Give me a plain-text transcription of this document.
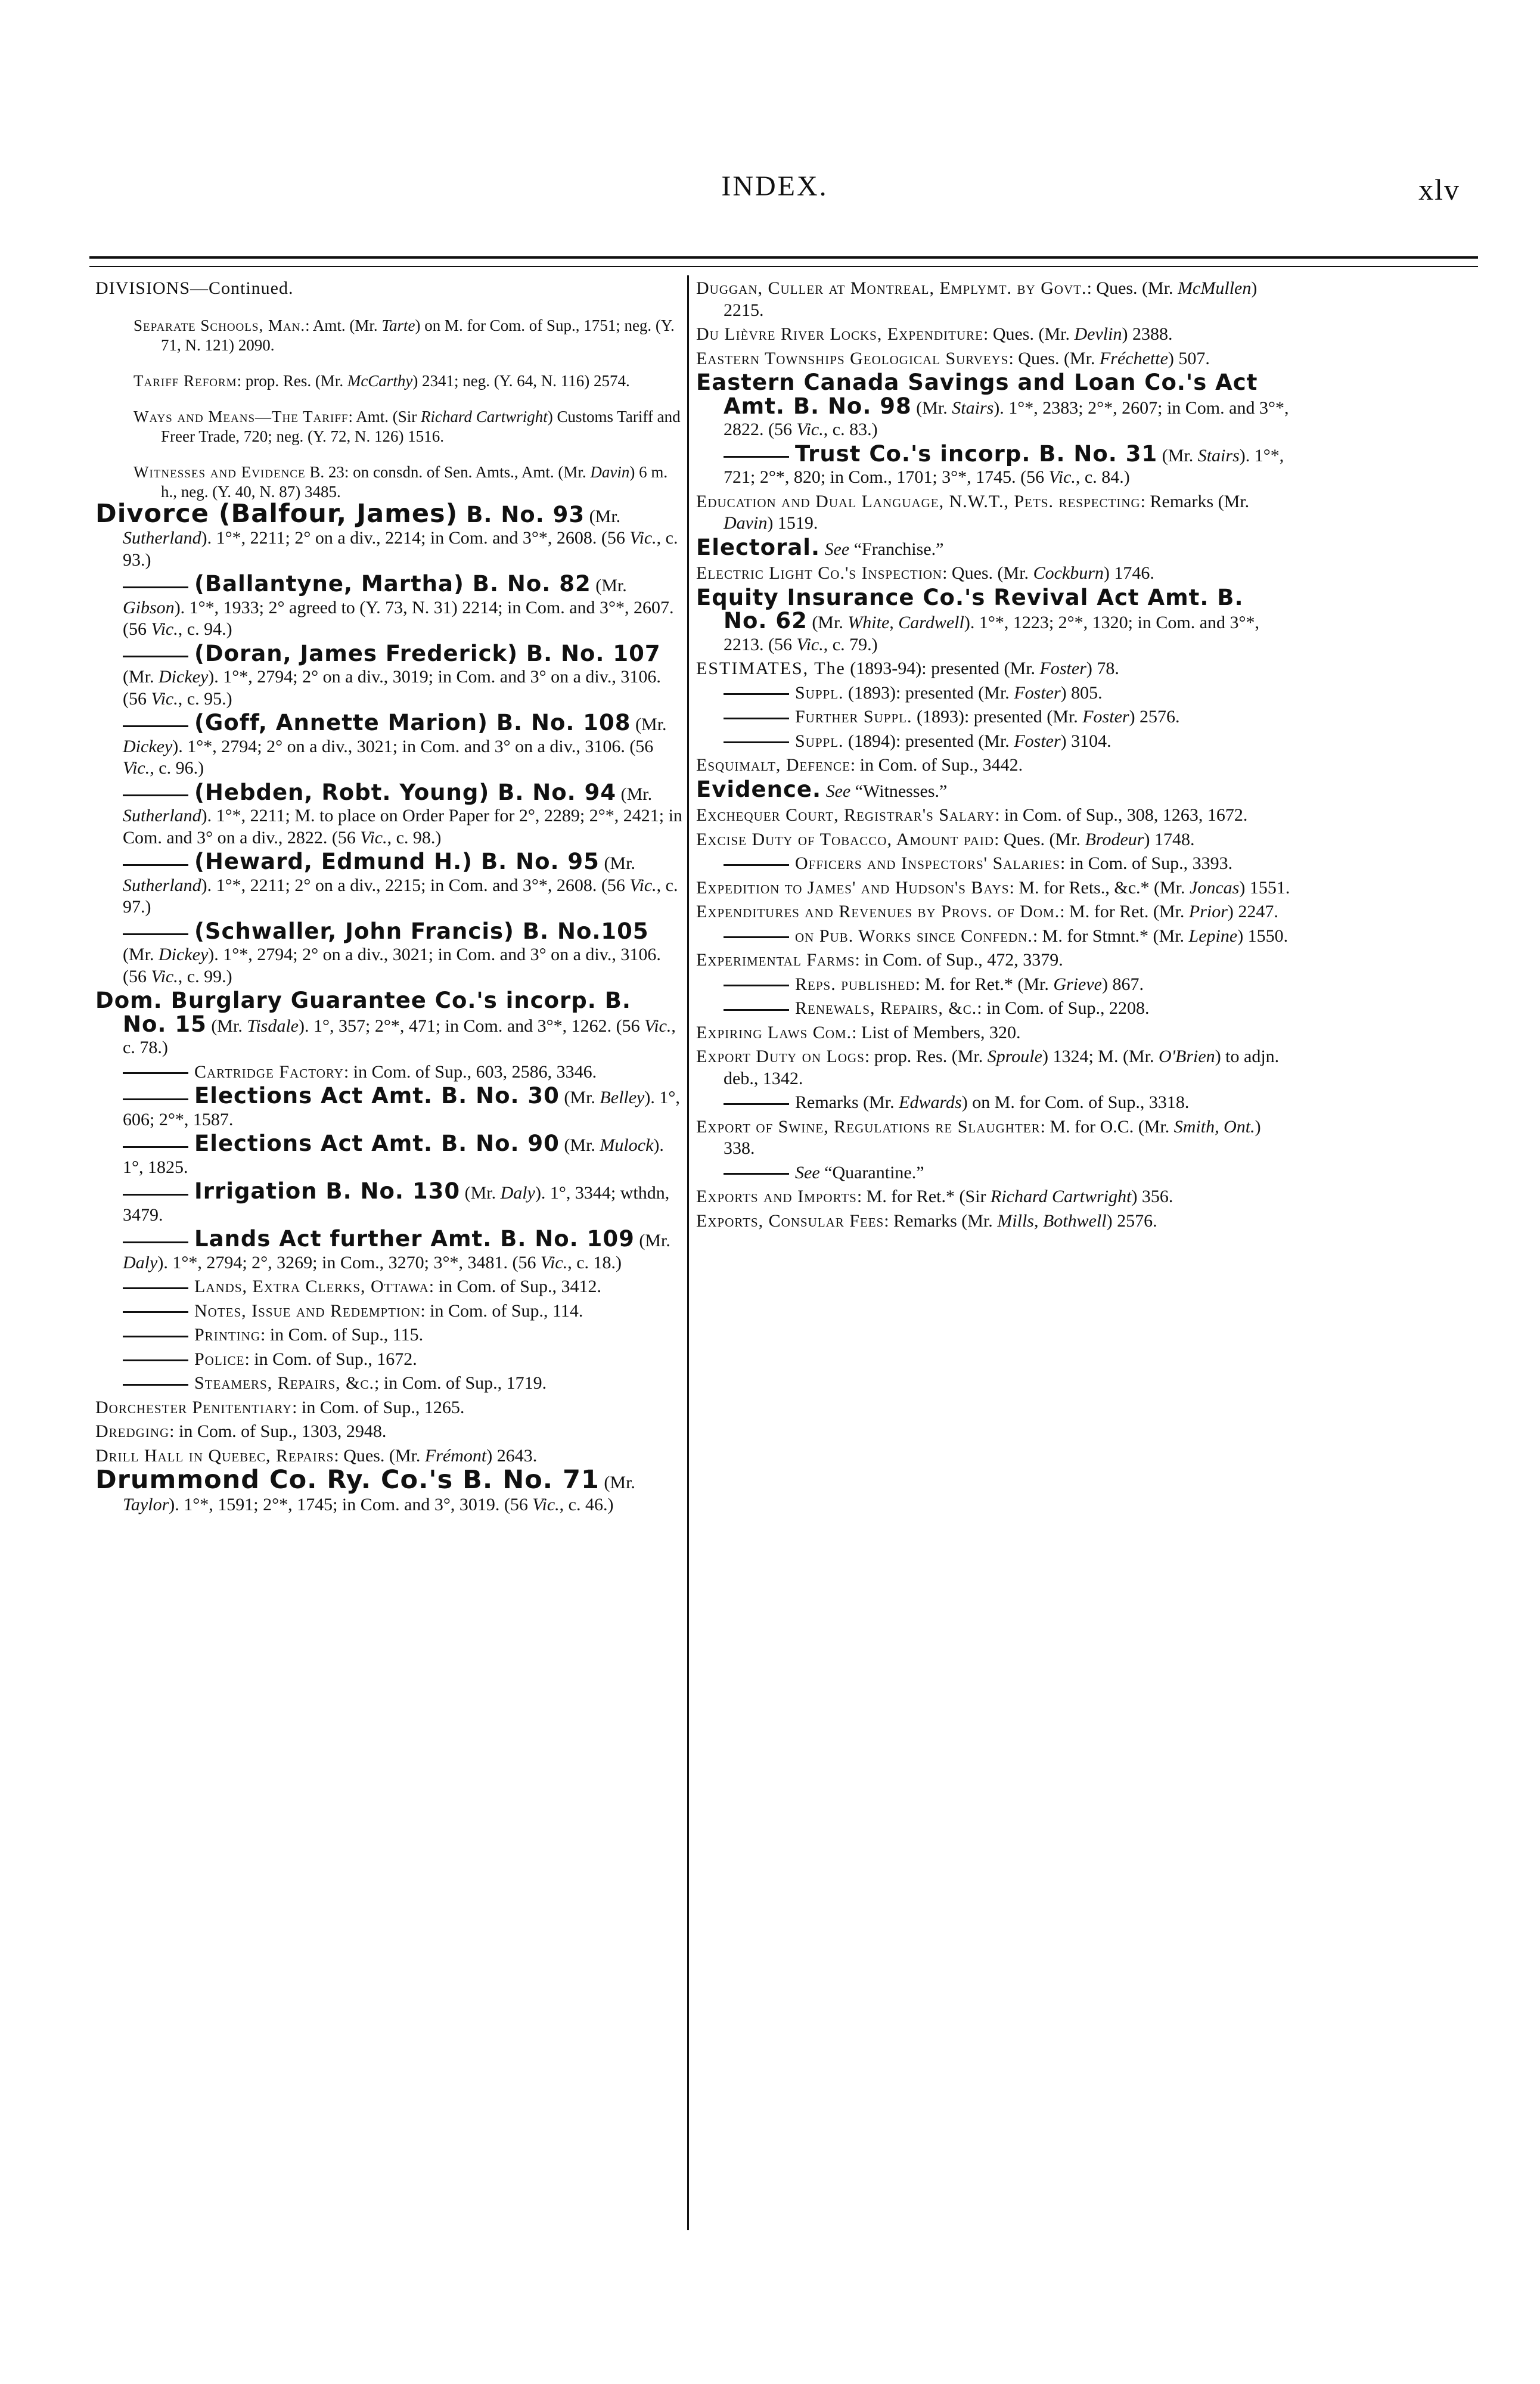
INDEX.	xlv

DIVISIONS—Continued.

Separate Schools, Man.: Amt. (Mr. Tarte) on M. for Com. of Sup., 1751; neg. (Y. 71, N. 121) 2090.

Tariff Reform: prop. Res. (Mr. McCarthy) 2341; neg. (Y. 64, N. 116) 2574.

Ways and Means—The Tariff: Amt. (Sir Richard Cartwright) Customs Tariff and Freer Trade, 720; neg. (Y. 72, N. 126) 1516.

Witnesses and Evidence B. 23: on consdn. of Sen. Amts., Amt. (Mr. Davin) 6 m. h., neg. (Y. 40, N. 87) 3485.

Divorce (Balfour, James) B. No. 93 (Mr. Sutherland). 1°*, 2211; 2° on a div., 2214; in Com. and 3°*, 2608. (56 Vic., c. 93.)

(Ballantyne, Martha) B. No. 82 (Mr. Gibson). 1°*, 1933; 2° agreed to (Y. 73, N. 31) 2214; in Com. and 3°*, 2607. (56 Vic., c. 94.)

(Doran, James Frederick) B. No. 107 (Mr. Dickey). 1°*, 2794; 2° on a div., 3019; in Com. and 3° on a div., 3106. (56 Vic., c. 95.)

(Goff, Annette Marion) B. No. 108 (Mr. Dickey). 1°*, 2794; 2° on a div., 3021; in Com. and 3° on a div., 3106. (56 Vic., c. 96.)

(Hebden, Robt. Young) B. No. 94 (Mr. Sutherland). 1°*, 2211; M. to place on Order Paper for 2°, 2289; 2°*, 2421; in Com. and 3° on a div., 2822. (56 Vic., c. 98.)

(Heward, Edmund H.) B. No. 95 (Mr. Sutherland). 1°*, 2211; 2° on a div., 2215; in Com. and 3°*, 2608. (56 Vic., c. 97.)

(Schwaller, John Francis) B. No.105 (Mr. Dickey). 1°*, 2794; 2° on a div., 3021; in Com. and 3° on a div., 3106. (56 Vic., c. 99.)

Dom. Burglary Guarantee Co.'s incorp. B. No. 15 (Mr. Tisdale). 1°, 357; 2°*, 471; in Com. and 3°*, 1262. (56 Vic., c. 78.)

Cartridge Factory: in Com. of Sup., 603, 2586, 3346.

Elections Act Amt. B. No. 30 (Mr. Belley). 1°, 606; 2°*, 1587.

Elections Act Amt. B. No. 90 (Mr. Mulock). 1°, 1825.

Irrigation B. No. 130 (Mr. Daly). 1°, 3344; wthdn, 3479.

Lands Act further Amt. B. No. 109 (Mr. Daly). 1°*, 2794; 2°, 3269; in Com., 3270; 3°*, 3481. (56 Vic., c. 18.)

Lands, Extra Clerks, Ottawa: in Com. of Sup., 3412.

Notes, Issue and Redemption: in Com. of Sup., 114.

Printing: in Com. of Sup., 115.

Police: in Com. of Sup., 1672.

Steamers, Repairs, &c.; in Com. of Sup., 1719.

Dorchester Penitentiary: in Com. of Sup., 1265.

Dredging: in Com. of Sup., 1303, 2948.

Drill Hall in Quebec, Repairs: Ques. (Mr. Frémont) 2643.

Drummond Co. Ry. Co.'s B. No. 71 (Mr. Taylor). 1°*, 1591; 2°*, 1745; in Com. and 3°, 3019. (56 Vic., c. 46.)

Duggan, Culler at Montreal, Emplymt. by Govt.: Ques. (Mr. McMullen) 2215.

Du Lièvre River Locks, Expenditure: Ques. (Mr. Devlin) 2388.

Eastern Townships Geological Surveys: Ques. (Mr. Fréchette) 507.

Eastern Canada Savings and Loan Co.'s Act Amt. B. No. 98 (Mr. Stairs). 1°*, 2383; 2°*, 2607; in Com. and 3°*, 2822. (56 Vic., c. 83.)

Trust Co.'s incorp. B. No. 31 (Mr. Stairs). 1°*, 721; 2°*, 820; in Com., 1701; 3°*, 1745. (56 Vic., c. 84.)

Education and Dual Language, N.W.T., Pets. respecting: Remarks (Mr. Davin) 1519.

Electoral. See “Franchise.”

Electric Light Co.'s Inspection: Ques. (Mr. Cockburn) 1746.

Equity Insurance Co.'s Revival Act Amt. B. No. 62 (Mr. White, Cardwell). 1°*, 1223; 2°*, 1320; in Com. and 3°*, 2213. (56 Vic., c. 79.)

ESTIMATES, The (1893-94): presented (Mr. Foster) 78.

Suppl. (1893): presented (Mr. Foster) 805.

Further Suppl. (1893): presented (Mr. Foster) 2576.

Suppl. (1894): presented (Mr. Foster) 3104.

Esquimalt, Defence: in Com. of Sup., 3442.

Evidence. See “Witnesses.”

Exchequer Court, Registrar's Salary: in Com. of Sup., 308, 1263, 1672.

Excise Duty of Tobacco, Amount paid: Ques. (Mr. Brodeur) 1748.

Officers and Inspectors' Salaries: in Com. of Sup., 3393.

Expedition to James' and Hudson's Bays: M. for Rets., &c.* (Mr. Joncas) 1551.

Expenditures and Revenues by Provs. of Dom.: M. for Ret. (Mr. Prior) 2247.

on Pub. Works since Confedn.: M. for Stmnt.* (Mr. Lepine) 1550.

Experimental Farms: in Com. of Sup., 472, 3379.

Reps. published: M. for Ret.* (Mr. Grieve) 867.

Renewals, Repairs, &c.: in Com. of Sup., 2208.

Expiring Laws Com.: List of Members, 320.

Export Duty on Logs: prop. Res. (Mr. Sproule) 1324; M. (Mr. O'Brien) to adjn. deb., 1342.

Remarks (Mr. Edwards) on M. for Com. of Sup., 3318.

Export of Swine, Regulations re Slaughter: M. for O.C. (Mr. Smith, Ont.) 338.

See “Quarantine.”

Exports and Imports: M. for Ret.* (Sir Richard Cartwright) 356.

Exports, Consular Fees: Remarks (Mr. Mills, Bothwell) 2576.
